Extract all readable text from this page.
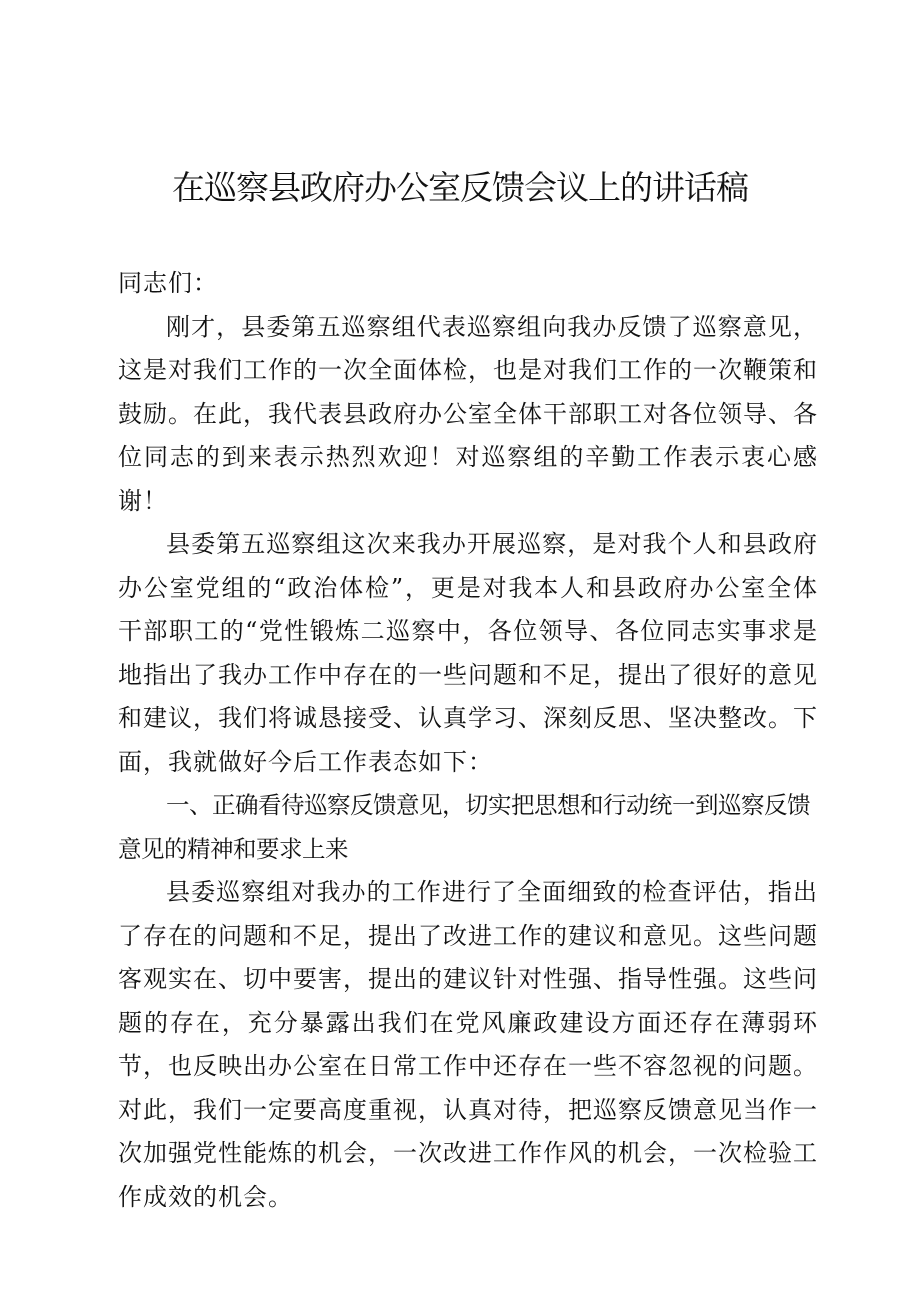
在巡察县政府办公室反馈会议上的讲话稿

同志们：

刚才，县委第五巡察组代表巡察组向我办反馈了巡察意见，这是对我们工作的一次全面体检，也是对我们工作的一次鞭策和鼓励。在此，我代表县政府办公室全体干部职工对各位领导、各位同志的到来表示热烈欢迎！对巡察组的辛勤工作表示衷心感谢！

县委第五巡察组这次来我办开展巡察，是对我个人和县政府办公室党组的“政治体检”，更是对我本人和县政府办公室全体干部职工的“党性锻炼二巡察中，各位领导、各位同志实事求是地指出了我办工作中存在的一些问题和不足，提出了很好的意见和建议，我们将诚恳接受、认真学习、深刻反思、坚决整改。下面，我就做好今后工作表态如下：

一、正确看待巡察反馈意见，切实把思想和行动统一到巡察反馈意见的精神和要求上来

县委巡察组对我办的工作进行了全面细致的检查评估，指出了存在的问题和不足，提出了改进工作的建议和意见。这些问题客观实在、切中要害，提出的建议针对性强、指导性强。这些问题的存在，充分暴露出我们在党风廉政建设方面还存在薄弱环节，也反映出办公室在日常工作中还存在一些不容忽视的问题。对此，我们一定要高度重视，认真对待，把巡察反馈意见当作一次加强党性能炼的机会，一次改进工作作风的机会，一次检验工作成效的机会。
